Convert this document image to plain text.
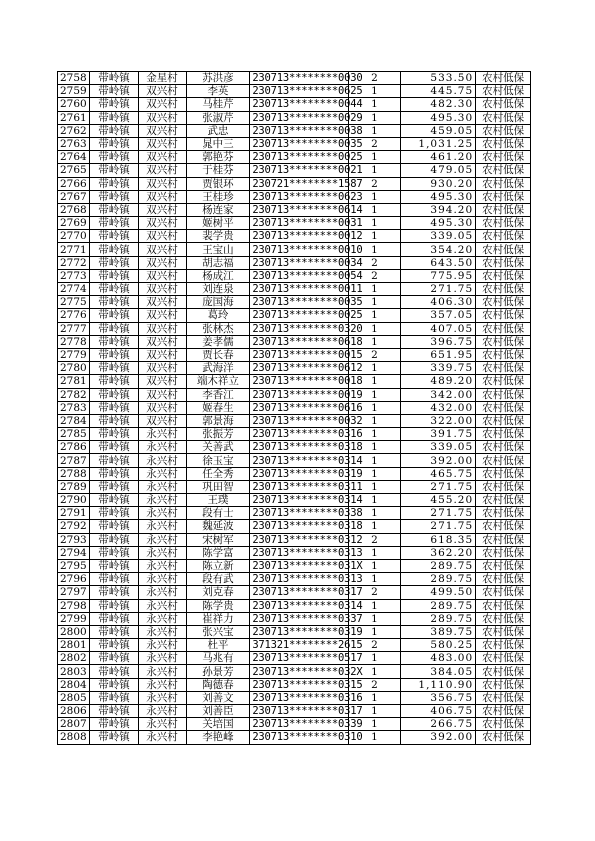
2758	带岭镇	金星村	苏洪彦	230713********0030	2	533.50	农村低保
2759	带岭镇	双兴村	李英	230713********0625	1	445.75	农村低保
2760	带岭镇	双兴村	马桂芹	230713********0044	1	482.30	农村低保
2761	带岭镇	双兴村	张淑芹	230713********0029	1	495.30	农村低保
2762	带岭镇	双兴村	武忠	230713********0038	1	459.05	农村低保
2763	带岭镇	双兴村	晁中三	230713********0035	2	1,031.25	农村低保
2764	带岭镇	双兴村	郭艳芬	230713********0025	1	461.20	农村低保
2765	带岭镇	双兴村	于桂芬	230713********0021	1	479.05	农村低保
2766	带岭镇	双兴村	贾银环	230721********1587	2	930.20	农村低保
2767	带岭镇	双兴村	王桂珍	230713********0623	1	495.30	农村低保
2768	带岭镇	双兴村	杨连家	230713********0614	1	394.20	农村低保
2769	带岭镇	双兴村	姬树平	230713********0031	1	495.30	农村低保
2770	带岭镇	双兴村	裴学贵	230713********0012	1	339.05	农村低保
2771	带岭镇	双兴村	王宝山	230713********0010	1	354.20	农村低保
2772	带岭镇	双兴村	胡志福	230713********0034	2	643.50	农村低保
2773	带岭镇	双兴村	杨成江	230713********0054	2	775.95	农村低保
2774	带岭镇	双兴村	刘连泉	230713********0011	1	271.75	农村低保
2775	带岭镇	双兴村	庞国海	230713********0035	1	406.30	农村低保
2776	带岭镇	双兴村	葛玲	230713********0025	1	357.05	农村低保
2777	带岭镇	双兴村	张林杰	230713********0320	1	407.05	农村低保
2778	带岭镇	双兴村	姜孝儒	230713********0618	1	396.75	农村低保
2779	带岭镇	双兴村	贾长春	230713********0015	2	651.95	农村低保
2780	带岭镇	双兴村	武海洋	230713********0612	1	339.75	农村低保
2781	带岭镇	双兴村	端木祥立	230713********0018	1	489.20	农村低保
2782	带岭镇	双兴村	李香江	230713********0019	1	342.00	农村低保
2783	带岭镇	双兴村	姬春生	230713********0616	1	432.00	农村低保
2784	带岭镇	双兴村	郭景海	230713********0032	1	322.00	农村低保
2785	带岭镇	永兴村	张振芳	230713********0316	1	391.75	农村低保
2786	带岭镇	永兴村	关善武	230713********0318	1	339.05	农村低保
2787	带岭镇	永兴村	徐玉宝	230713********0314	1	392.00	农村低保
2788	带岭镇	永兴村	任全秀	230713********0319	1	465.75	农村低保
2789	带岭镇	永兴村	巩田智	230713********0311	1	271.75	农村低保
2790	带岭镇	永兴村	王璞	230713********0314	1	455.20	农村低保
2791	带岭镇	永兴村	段有士	230713********0338	1	271.75	农村低保
2792	带岭镇	永兴村	魏延波	230713********0318	1	271.75	农村低保
2793	带岭镇	永兴村	宋树军	230713********0312	2	618.35	农村低保
2794	带岭镇	永兴村	陈学富	230713********0313	1	362.20	农村低保
2795	带岭镇	永兴村	陈立新	230713********031X	1	289.75	农村低保
2796	带岭镇	永兴村	段有武	230713********0313	1	289.75	农村低保
2797	带岭镇	永兴村	刘克春	230713********0317	2	499.50	农村低保
2798	带岭镇	永兴村	陈学贵	230713********0314	1	289.75	农村低保
2799	带岭镇	永兴村	崔祥力	230713********0337	1	289.75	农村低保
2800	带岭镇	永兴村	张兴宝	230713********0319	1	389.75	农村低保
2801	带岭镇	永兴村	杜平	371321********2615	2	580.25	农村低保
2802	带岭镇	永兴村	马兆有	230713********0517	1	483.00	农村低保
2803	带岭镇	永兴村	孙景芳	230713********032X	1	384.05	农村低保
2804	带岭镇	永兴村	陶德春	230713********0315	2	1,110.90	农村低保
2805	带岭镇	永兴村	刘善文	230713********0316	1	356.75	农村低保
2806	带岭镇	永兴村	刘善臣	230713********0317	1	406.75	农村低保
2807	带岭镇	永兴村	关培国	230713********0339	1	266.75	农村低保
2808	带岭镇	永兴村	李艳峰	230713********0310	1	392.00	农村低保
